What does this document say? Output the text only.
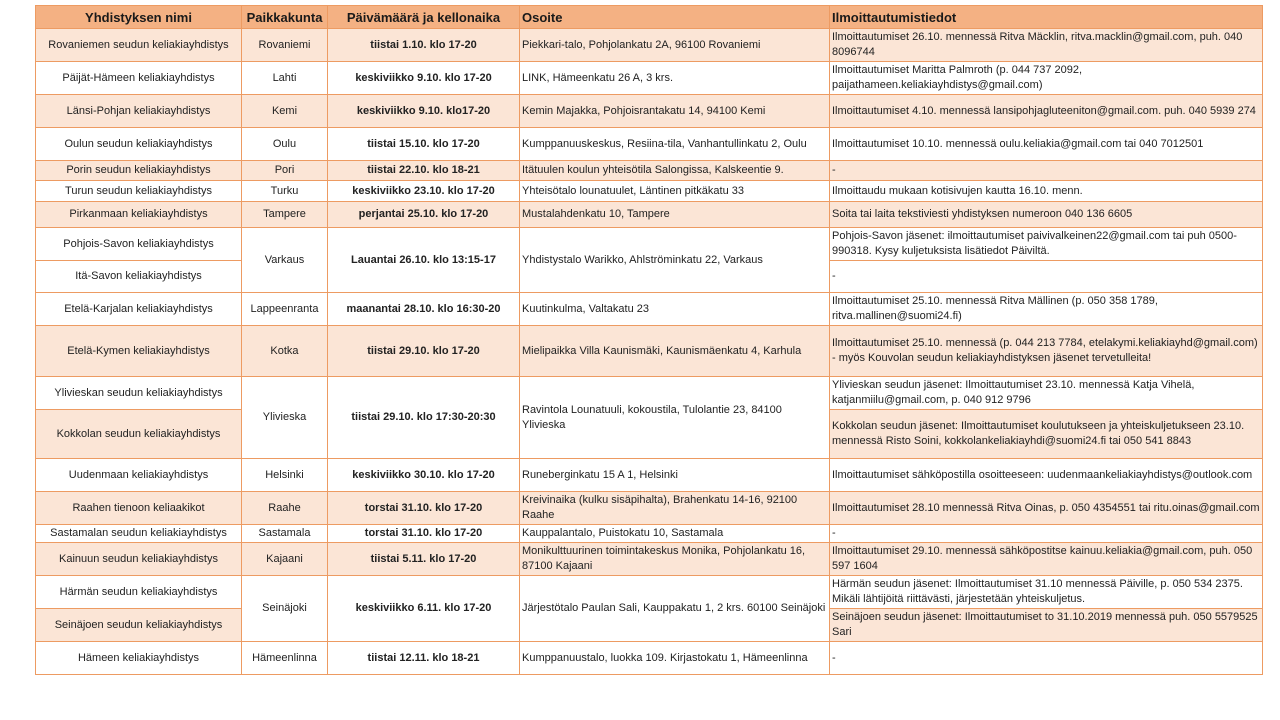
Yhdistyksen nimi	Paikkakunta	Päivämäärä ja kellonaika	Osoite	Ilmoittautumistiedot
Rovaniemen seudun keliakiayhdistys	Rovaniemi	tiistai 1.10. klo 17-20	Piekkari-talo, Pohjolankatu 2A, 96100 Rovaniemi	Ilmoittautumiset 26.10. mennessä Ritva Mäcklin, ritva.macklin@gmail.com, puh. 040 8096744
Päijät-Hämeen keliakiayhdistys	Lahti	keskiviikko 9.10. klo 17-20	LINK, Hämeenkatu 26 A, 3 krs.	Ilmoittautumiset Maritta Palmroth (p. 044 737 2092, paijathameen.keliakiayhdistys@gmail.com)
Länsi-Pohjan keliakiayhdistys	Kemi	keskiviikko 9.10. klo17-20	Kemin Majakka, Pohjoisrantakatu 14, 94100 Kemi	Ilmoittautumiset 4.10. mennessä lansipohjagluteeniton@gmail.com. puh. 040 5939 274
Oulun seudun keliakiayhdistys	Oulu	tiistai 15.10. klo 17-20	Kumppanuuskeskus, Resiina-tila, Vanhantullinkatu 2, Oulu	Ilmoittautumiset 10.10. mennessä oulu.keliakia@gmail.com tai 040 7012501
Porin seudun keliakiayhdistys	Pori	tiistai 22.10. klo 18-21	Itätuulen koulun yhteisötila Salongissa, Kalskeentie 9.	-
Turun seudun keliakiayhdistys	Turku	keskiviikko 23.10. klo 17-20	Yhteisötalo lounatuulet, Läntinen pitkäkatu 33	Ilmoittaudu mukaan kotisivujen kautta 16.10. menn.
Pirkanmaan keliakiayhdistys	Tampere	perjantai 25.10. klo 17-20	Mustalahdenkatu 10, Tampere	Soita tai laita tekstiviesti yhdistyksen numeroon 040 136 6605
Pohjois-Savon keliakiayhdistys	Varkaus	Lauantai 26.10. klo 13:15-17	Yhdistystalo Warikko, Ahlströminkatu 22, Varkaus	Pohjois-Savon jäsenet: ilmoittautumiset paivivalkeinen22@gmail.com tai puh 0500-990318. Kysy kuljetuksista lisätiedot Päiviltä.
Itä-Savon keliakiayhdistys				-
Etelä-Karjalan keliakiayhdistys	Lappeenranta	maanantai 28.10. klo 16:30-20	Kuutinkulma, Valtakatu 23	Ilmoittautumiset 25.10. mennessä Ritva Mällinen (p. 050 358 1789, ritva.mallinen@suomi24.fi)
Etelä-Kymen keliakiayhdistys	Kotka	tiistai 29.10. klo 17-20	Mielipaikka Villa Kaunismäki, Kaunismäenkatu 4, Karhula	Ilmoittautumiset 25.10. mennessä (p. 044 213 7784, etelakymi.keliakiayhd@gmail.com) - myös Kouvolan seudun keliakiayhdistyksen jäsenet tervetulleita!
Ylivieskan seudun keliakiayhdistys	Ylivieska	tiistai 29.10. klo 17:30-20:30	Ravintola Lounatuuli, kokoustila, Tulolantie 23, 84100 Ylivieska	Ylivieskan seudun jäsenet: Ilmoittautumiset 23.10. mennessä Katja Vihelä, katjanmiilu@gmail.com, p. 040 912 9796
Kokkolan seudun keliakiayhdistys				Kokkolan seudun jäsenet: Ilmoittautumiset koulutukseen ja yhteiskuljetukseen 23.10. mennessä Risto Soini, kokkolankeliakiayhdi@suomi24.fi tai 050 541 8843
Uudenmaan keliakiayhdistys	Helsinki	keskiviikko 30.10. klo 17-20	Runeberginkatu 15 A 1, Helsinki	Ilmoittautumiset sähköpostilla osoitteeseen: uudenmaankeliakiayhdistys@outlook.com
Raahen tienoon keliaakikot	Raahe	torstai 31.10. klo 17-20	Kreivinaika (kulku sisäpihalta), Brahenkatu 14-16, 92100 Raahe	Ilmoittautumiset 28.10 mennessä Ritva Oinas, p. 050 4354551 tai ritu.oinas@gmail.com
Sastamalan seudun keliakiayhdistys	Sastamala	torstai 31.10. klo 17-20	Kauppalantalo, Puistokatu 10, Sastamala	-
Kainuun seudun keliakiayhdistys	Kajaani	tiistai 5.11. klo 17-20	Monikulttuurinen toimintakeskus Monika, Pohjolankatu 16, 87100 Kajaani	Ilmoittautumiset 29.10. mennessä sähköpostitse kainuu.keliakia@gmail.com, puh. 050 597 1604
Härmän seudun keliakiayhdistys	Seinäjoki	keskiviikko 6.11. klo 17-20	Järjestötalo Paulan Sali, Kauppakatu 1, 2 krs. 60100 Seinäjoki	Härmän seudun jäsenet: Ilmoittautumiset 31.10 mennessä Päiville, p. 050 534 2375. Mikäli lähtijöitä riittävästi, järjestetään yhteiskuljetus.
Seinäjoen seudun keliakiayhdistys				Seinäjoen seudun jäsenet: Ilmoittautumiset to 31.10.2019 mennessä puh. 050 5579525 Sari
Hämeen keliakiayhdistys	Hämeenlinna	tiistai 12.11. klo 18-21	Kumppanuustalo, luokka 109. Kirjastokatu 1, Hämeenlinna	-
